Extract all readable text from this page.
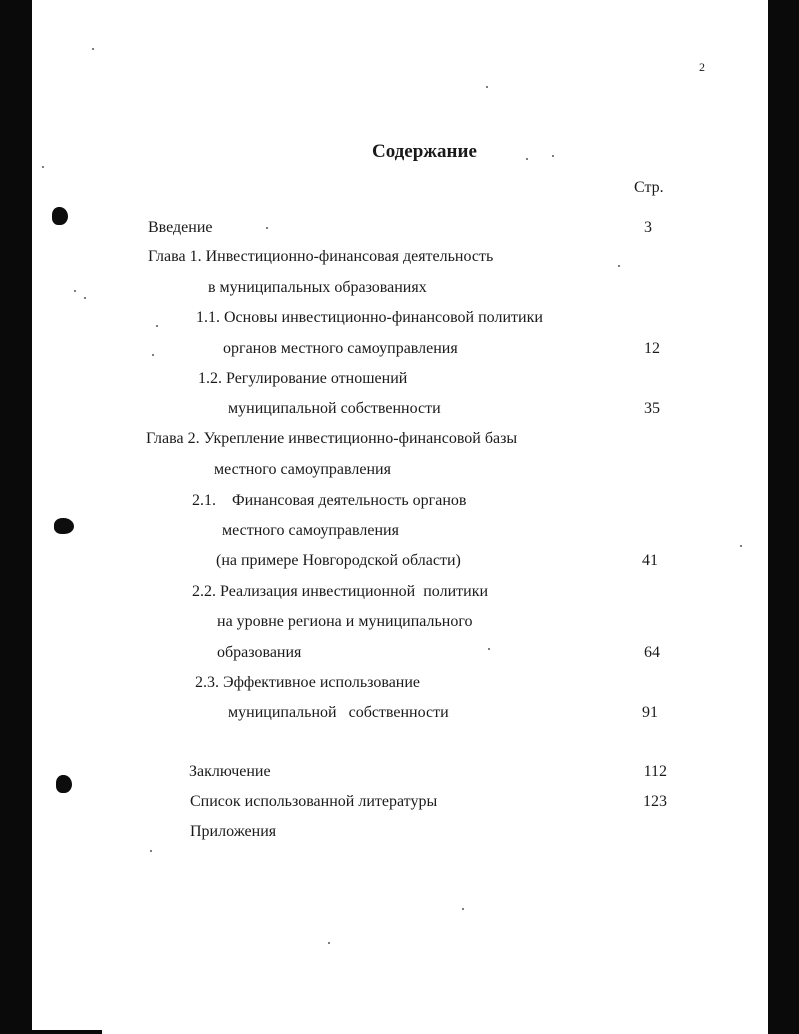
2
Содержание
Стр.
Введение	3
Глава 1. Инвестиционно-финансовая деятельность
в муниципальных образованиях
1.1. Основы инвестиционно-финансовой политики
органов местного самоуправления	12
1.2. Регулирование отношений
муниципальной собственности	35
Глава 2. Укрепление инвестиционно-финансовой базы
местного самоуправления
2.1.    Финансовая деятельность органов
местного самоуправления
(на примере Новгородской области)	41
2.2. Реализация инвестиционной  политики
на уровне региона и муниципального
образования	64
2.3. Эффективное использование
муниципальной   собственности	91
Заключение	112
Список использованной литературы	123
Приложения
